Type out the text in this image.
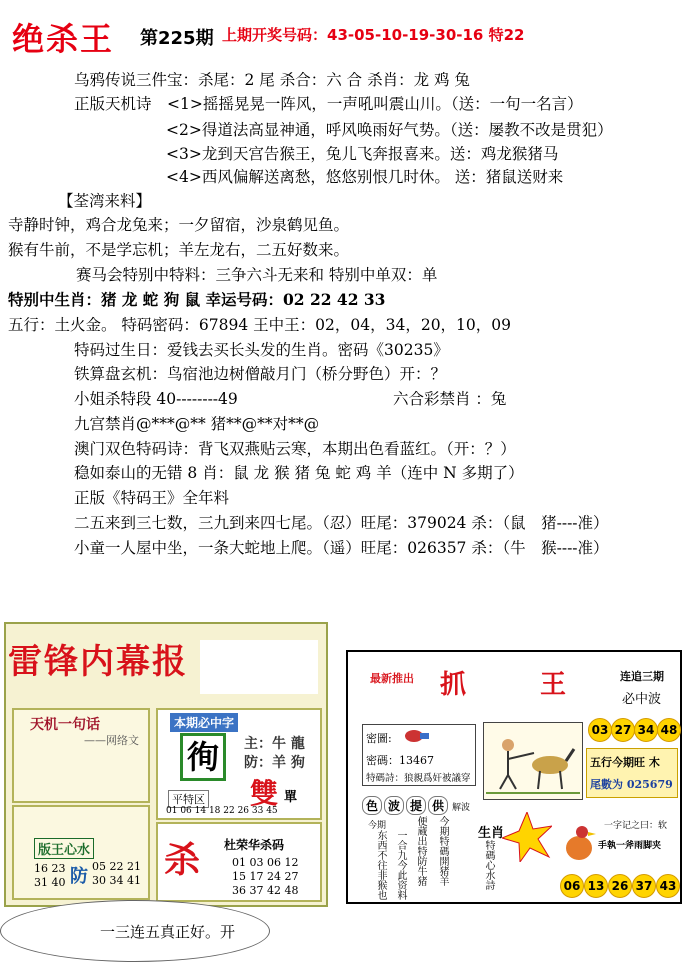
绝杀王 第225期 上期开奖号码：43-05-10-19-30-16 特22
乌鸦传说三件宝：杀尾：2 尾 杀合：六 合 杀肖：龙 鸡 兔
正版天机诗　<1>摇摇晃晃一阵风，一声吼叫震山川。（送：一句一名言）
<2>得道法高显神通，呼风唤雨好气势。（送：屡教不改是贯犯）
<3>龙到天宫告猴王，兔儿飞奔报喜来。送：鸡龙猴猪马
<4>西风偏解送离愁，悠悠别恨几时休。 送：猪鼠送财来
【荃湾来料】
寺静时钟，鸡合龙兔来；一夕留宿，沙泉鹤见鱼。
猴有牛前，不是学忘机；羊左龙右，二五好数来。
赛马会特别中特料：三争六斗无来和 特别中单双：单
特别中生肖：猪 龙 蛇 狗 鼠 幸运号码：02 22 42 33
五行：土火金。 特码密码：67894 王中王：02，04，34，20，10，09
特码过生日：爱钱去买长头发的生肖。密码《30235》
铁算盘玄机：鸟宿池边树僧敲月门（桥分野色）开：？
小姐杀特段 40--------49	六合彩禁肖 ：兔
九宫禁肖@***@** 猪**@**对**@
澳门双色特码诗：背飞双燕贴云寒，本期出色看蓝红。（开：？）
稳如泰山的无错 8 肖：鼠 龙 猴 猪 兔 蛇 鸡 羊（连中 N 多期了）
正版《特码王》全年料
二五来到三七数，三九到来四七尾。（忍）旺尾：379024 杀：（鼠　猪----准）
小童一人屋中坐，一条大蛇地上爬。（遥）旺尾：026357 杀：（牛　猴----准）
雷锋内幕报
天机一句话
——网络文
本期必中字
徇	主：牛 龍
防：羊 狗
雙 單
平特区
01 06 14 18 22 26 33 45
版王心水
16 23
31 40 防 05 22 21
30 34 41 杀 杜荣华杀码
01 03 06 12
15 17 24 27
36 37 42 48
一三连五真正好。开
最新推出 抓	王	连追三期
必中波
03 27 34 48
密圖:
密碼：13467
特碼詩：狼親爲奸被議穿
五行今期旺 木
尾數为 025679
色 波 提 供 解波
今期
东西不往非猴也 一合九今此资料 便蔵出特防牛猪 今期特碼開猪羊 生肖
特碼心水詩
一字记之曰：软
手執一斧雨脚夹
06 13 26 37 43
